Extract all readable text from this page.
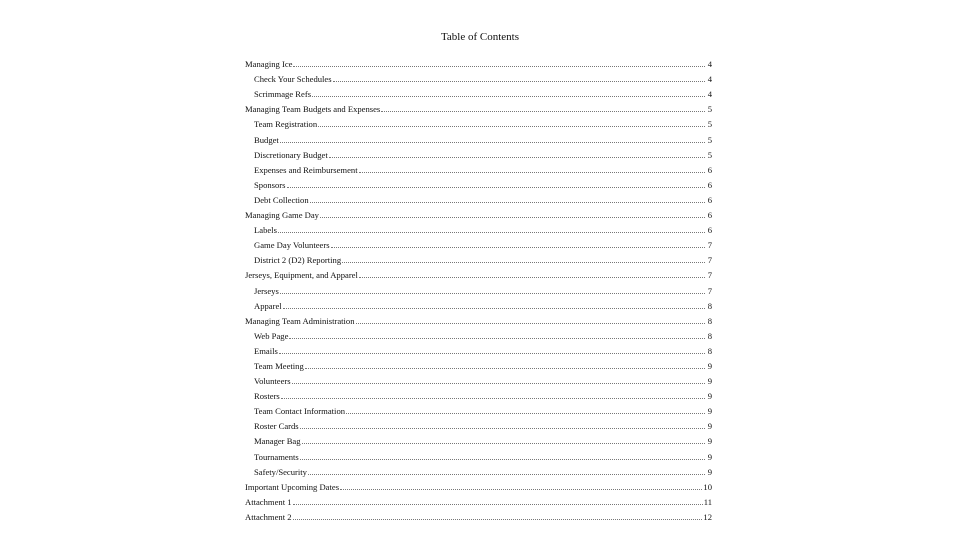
Table of Contents
Managing Ice	4
Check Your Schedules	4
Scrimmage Refs	4
Managing Team Budgets and Expenses	5
Team Registration	5
Budget	5
Discretionary Budget	5
Expenses and Reimbursement	6
Sponsors	6
Debt Collection	6
Managing Game Day	6
Labels	6
Game Day Volunteers	7
District 2 (D2) Reporting	7
Jerseys, Equipment, and Apparel	7
Jerseys	7
Apparel	8
Managing Team Administration	8
Web Page	8
Emails	8
Team Meeting	9
Volunteers	9
Rosters	9
Team Contact Information	9
Roster Cards	9
Manager Bag	9
Tournaments	9
Safety/Security	9
Important Upcoming Dates	10
Attachment 1	11
Attachment 2	12
